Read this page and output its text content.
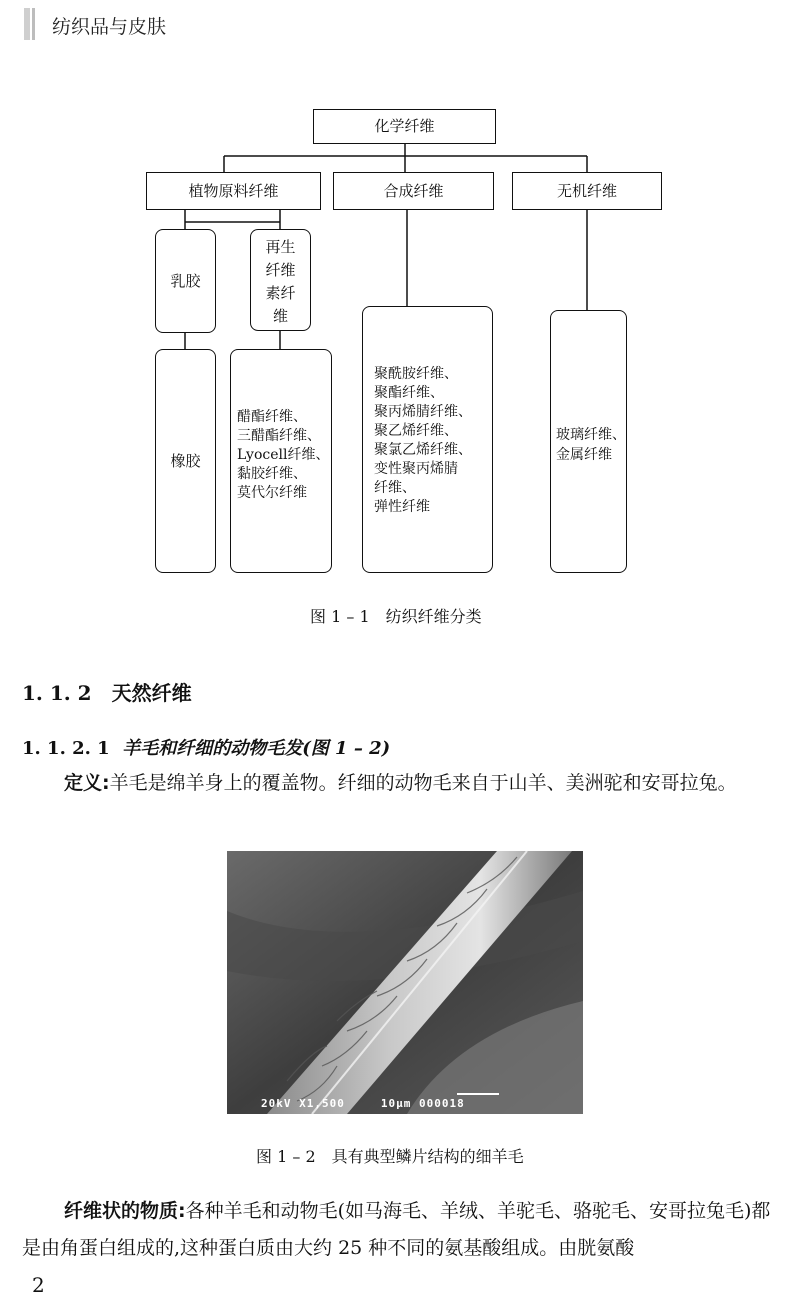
纺织品与皮肤
化学纤维
植物原料纤维	合成纤维	无机纤维
乳胶
再生
纤维
素纤
维
橡胶
醋酯纤维、
三醋酯纤维、
Lyocell纤维、
黏胶纤维、
莫代尔纤维
聚酰胺纤维、
聚酯纤维、
聚丙烯腈纤维、
聚乙烯纤维、
聚氯乙烯纤维、
变性聚丙烯腈
纤维、
弹性纤维
玻璃纤维、
金属纤维
图 1 – 1　纺织纤维分类
1. 1. 2　天然纤维
1. 1. 2. 1 羊毛和纤细的动物毛发(图 1 – 2)
定义:羊毛是绵羊身上的覆盖物。纤细的动物毛来自于山羊、美洲驼和安哥拉兔。
20kV X1,500　　　10μm 000018
图 1 – 2　具有典型鳞片结构的细羊毛
纤维状的物质:各种羊毛和动物毛(如马海毛、羊绒、羊驼毛、骆驼毛、安哥拉兔毛)都是由角蛋白组成的,这种蛋白质由大约 25 种不同的氨基酸组成。由胱氨酸
2
